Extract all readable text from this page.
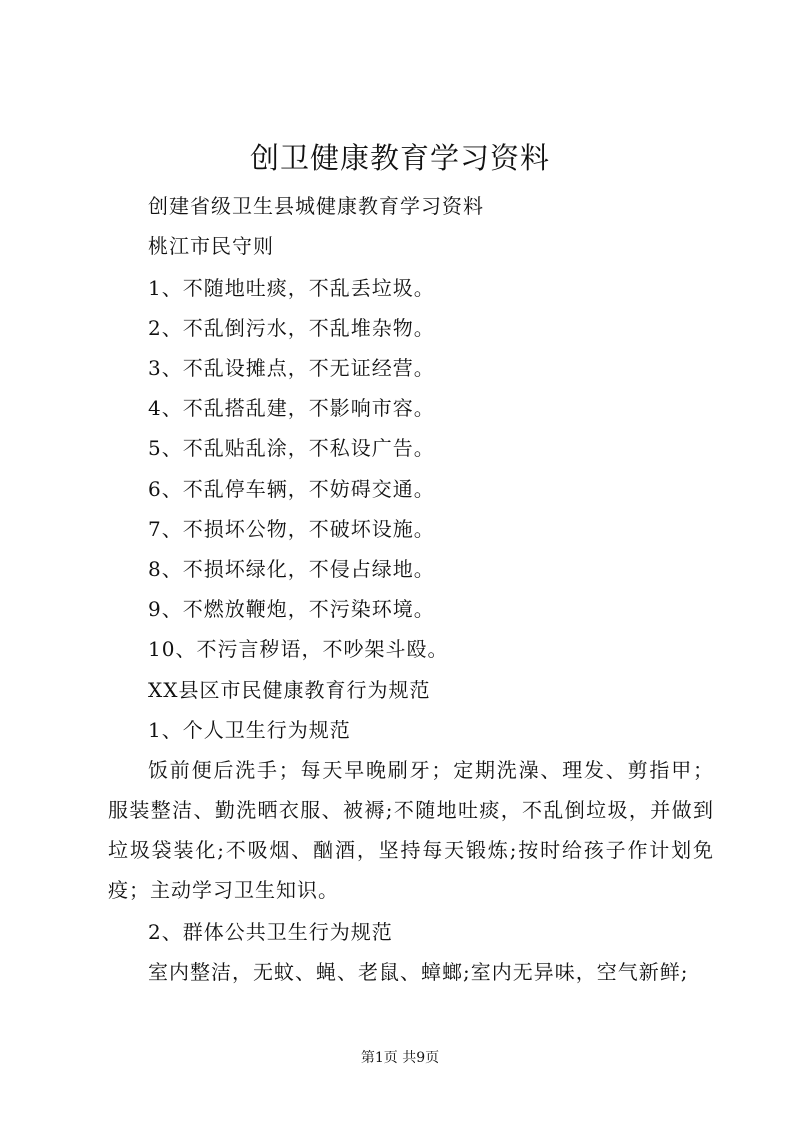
创卫健康教育学习资料
创建省级卫生县城健康教育学习资料
桃江市民守则
1、不随地吐痰，不乱丢垃圾。
2、不乱倒污水，不乱堆杂物。
3、不乱设摊点，不无证经营。
4、不乱搭乱建，不影响市容。
5、不乱贴乱涂，不私设广告。
6、不乱停车辆，不妨碍交通。
7、不损坏公物，不破坏设施。
8、不损坏绿化，不侵占绿地。
9、不燃放鞭炮，不污染环境。
10、不污言秽语，不吵架斗殴。
XX县区市民健康教育行为规范
1、个人卫生行为规范
饭前便后洗手；每天早晚刷牙；定期洗澡、理发、剪指甲；服装整洁、勤洗晒衣服、被褥;不随地吐痰，不乱倒垃圾，并做到垃圾袋装化;不吸烟、酗酒，坚持每天锻炼;按时给孩子作计划免疫；主动学习卫生知识。
2、群体公共卫生行为规范
室内整洁，无蚊、蝇、老鼠、蟑螂;室内无异味，空气新鲜;
第1页 共9页
